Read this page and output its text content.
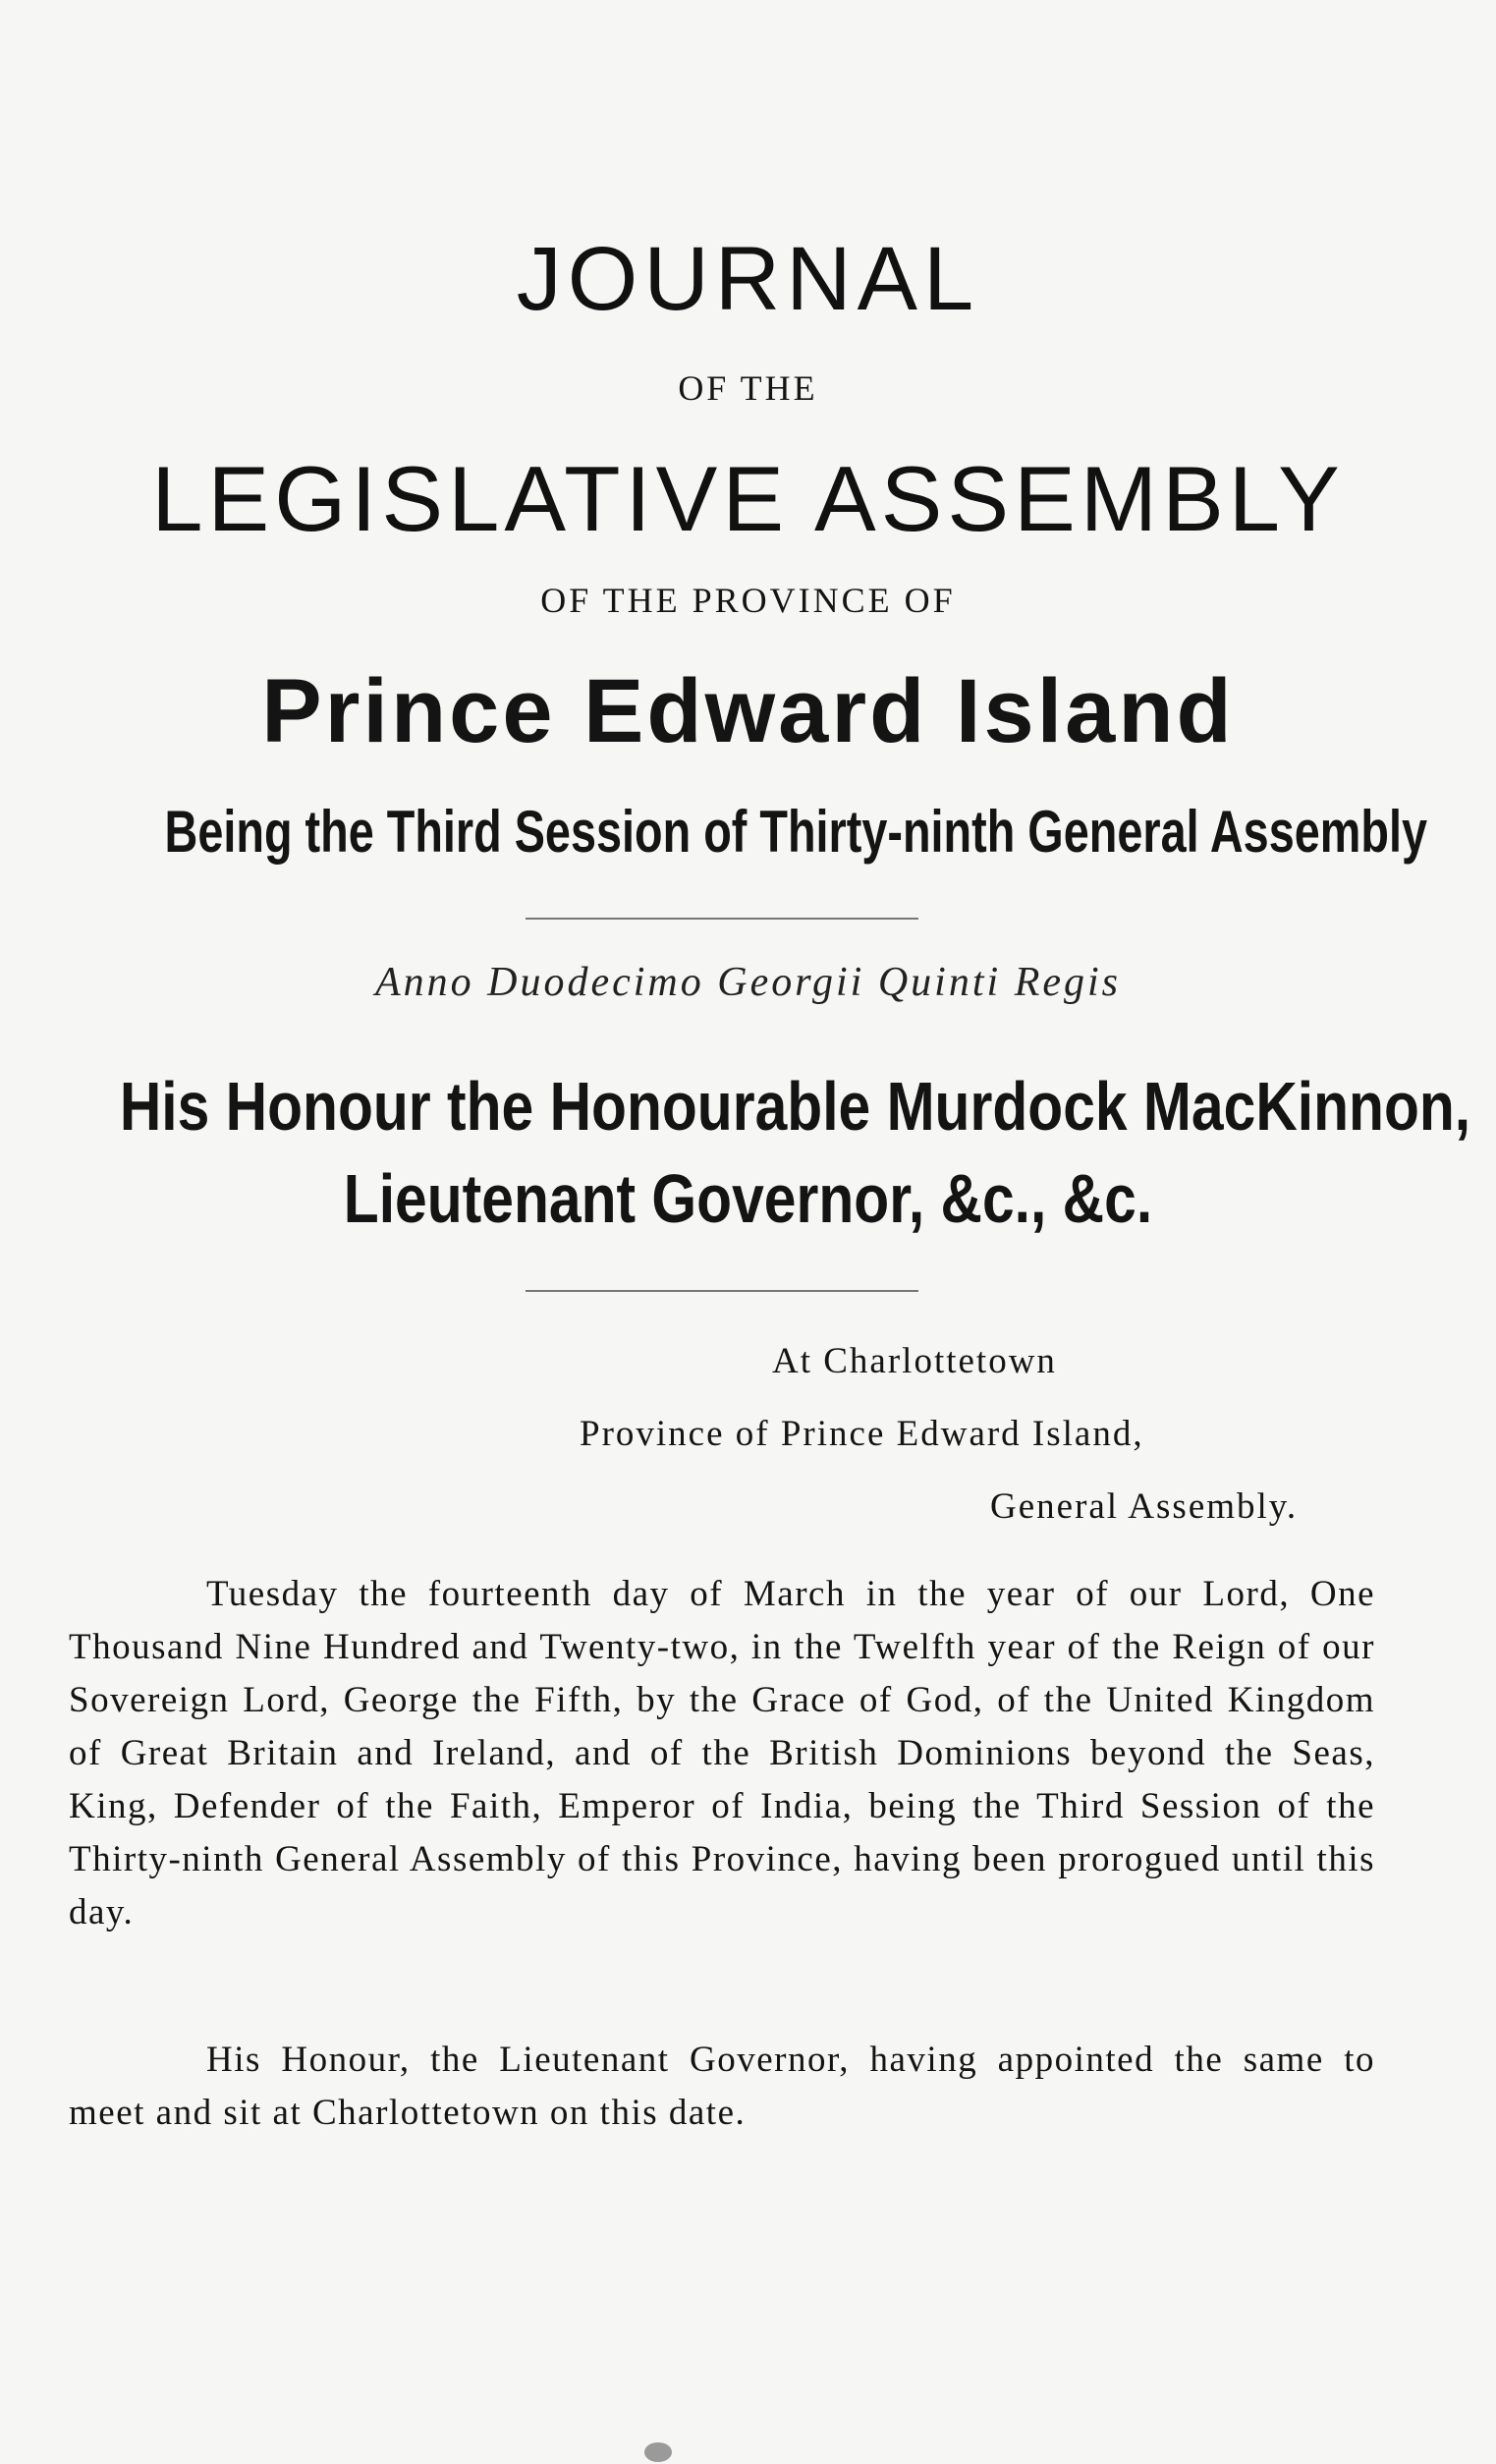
JOURNAL
OF THE
LEGISLATIVE ASSEMBLY
OF THE PROVINCE OF
Prince Edward Island
Being the Third Session of Thirty-ninth General Assembly
Anno Duodecimo Georgii Quinti Regis
His Honour the Honourable Murdock MacKinnon,
Lieutenant Governor, &c., &c.
At Charlottetown
Province of Prince Edward Island,
General Assembly.

Tuesday the fourteenth day of March in the year of our Lord, One Thousand Nine Hundred and Twenty-two, in the Twelfth year of the Reign of our Sovereign Lord, George the Fifth, by the Grace of God, of the United Kingdom of Great Britain and Ireland, and of the British Dominions beyond the Seas, King, Defender of the Faith, Emperor of India, being the Third Session of the Thirty-ninth General Assembly of this Province, having been prorogued until this day.

His Honour, the Lieutenant Governor, having appointed the same to meet and sit at Charlottetown on this date.
